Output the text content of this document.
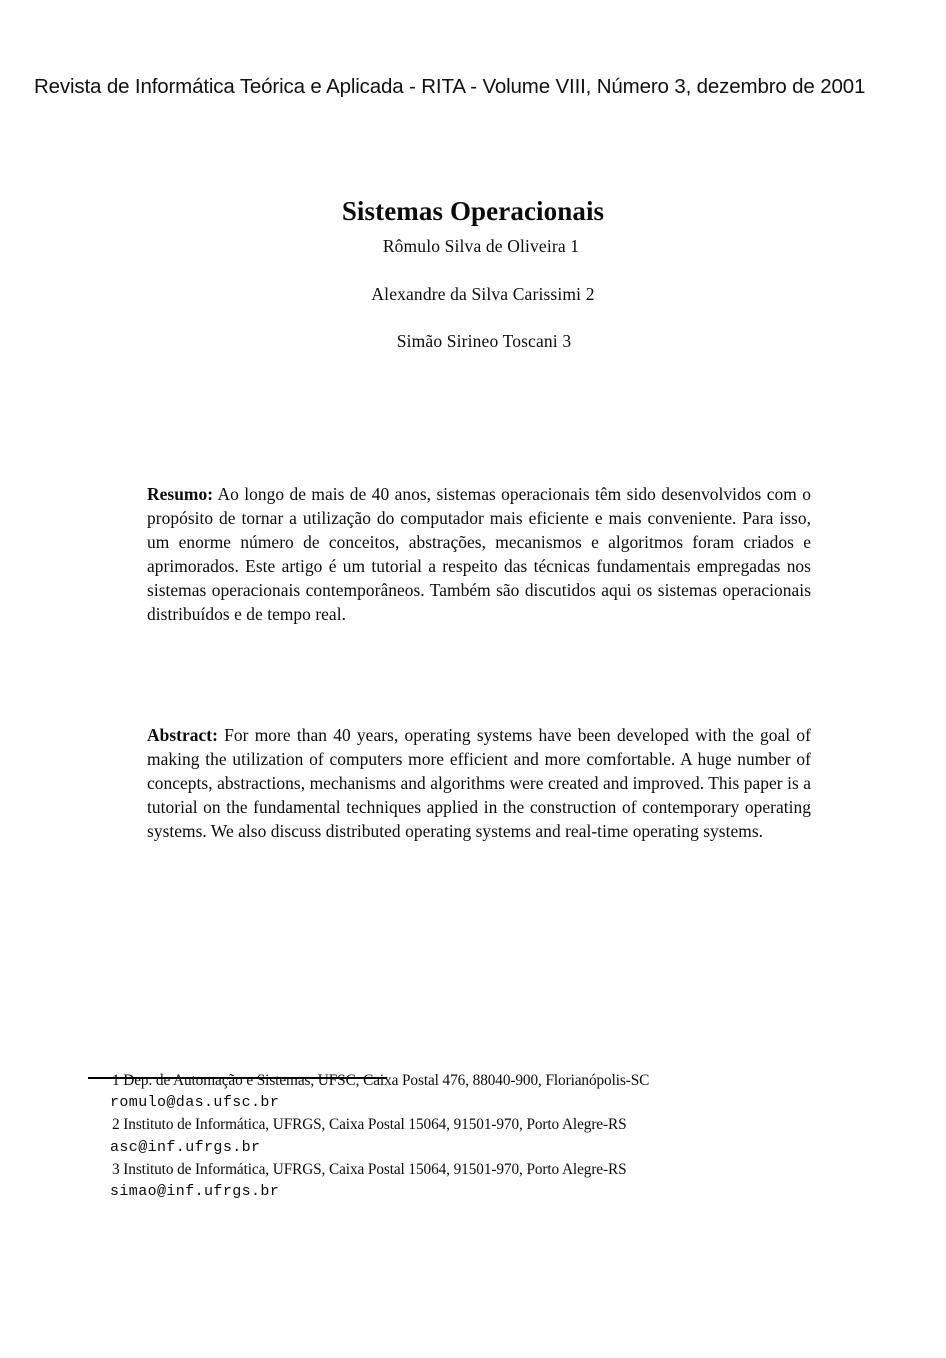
Revista de Informática Teórica e Aplicada - RITA - Volume VIII, Número 3, dezembro de 2001
Sistemas Operacionais

Rômulo Silva de Oliveira 1

Alexandre da Silva Carissimi 2

Simão Sirineo Toscani 3

Resumo: Ao longo de mais de 40 anos, sistemas operacionais têm sido desenvolvidos com o propósito de tornar a utilização do computador mais eficiente e mais conveniente. Para isso, um enorme número de conceitos, abstrações, mecanismos e algoritmos foram criados e aprimorados. Este artigo é um tutorial a respeito das técnicas fundamentais empregadas nos sistemas operacionais contemporâneos. Também são discutidos aqui os sistemas operacionais distribuídos e de tempo real.

Abstract: For more than 40 years, operating systems have been developed with the goal of making the utilization of computers more efficient and more comfortable. A huge number of concepts, abstractions, mechanisms and algorithms were created and improved. This paper is a tutorial on the fundamental techniques applied in the construction of contemporary operating systems. We also discuss distributed operating systems and real-time operating systems.

1 Dep. de Automação e Sistemas, UFSC, Caixa Postal 476, 88040-900, Florianópolis-SC

romulo@das.ufsc.br

2 Instituto de Informática, UFRGS, Caixa Postal 15064, 91501-970, Porto Alegre-RS

asc@inf.ufrgs.br

3 Instituto de Informática, UFRGS, Caixa Postal 15064, 91501-970, Porto Alegre-RS

simao@inf.ufrgs.br
